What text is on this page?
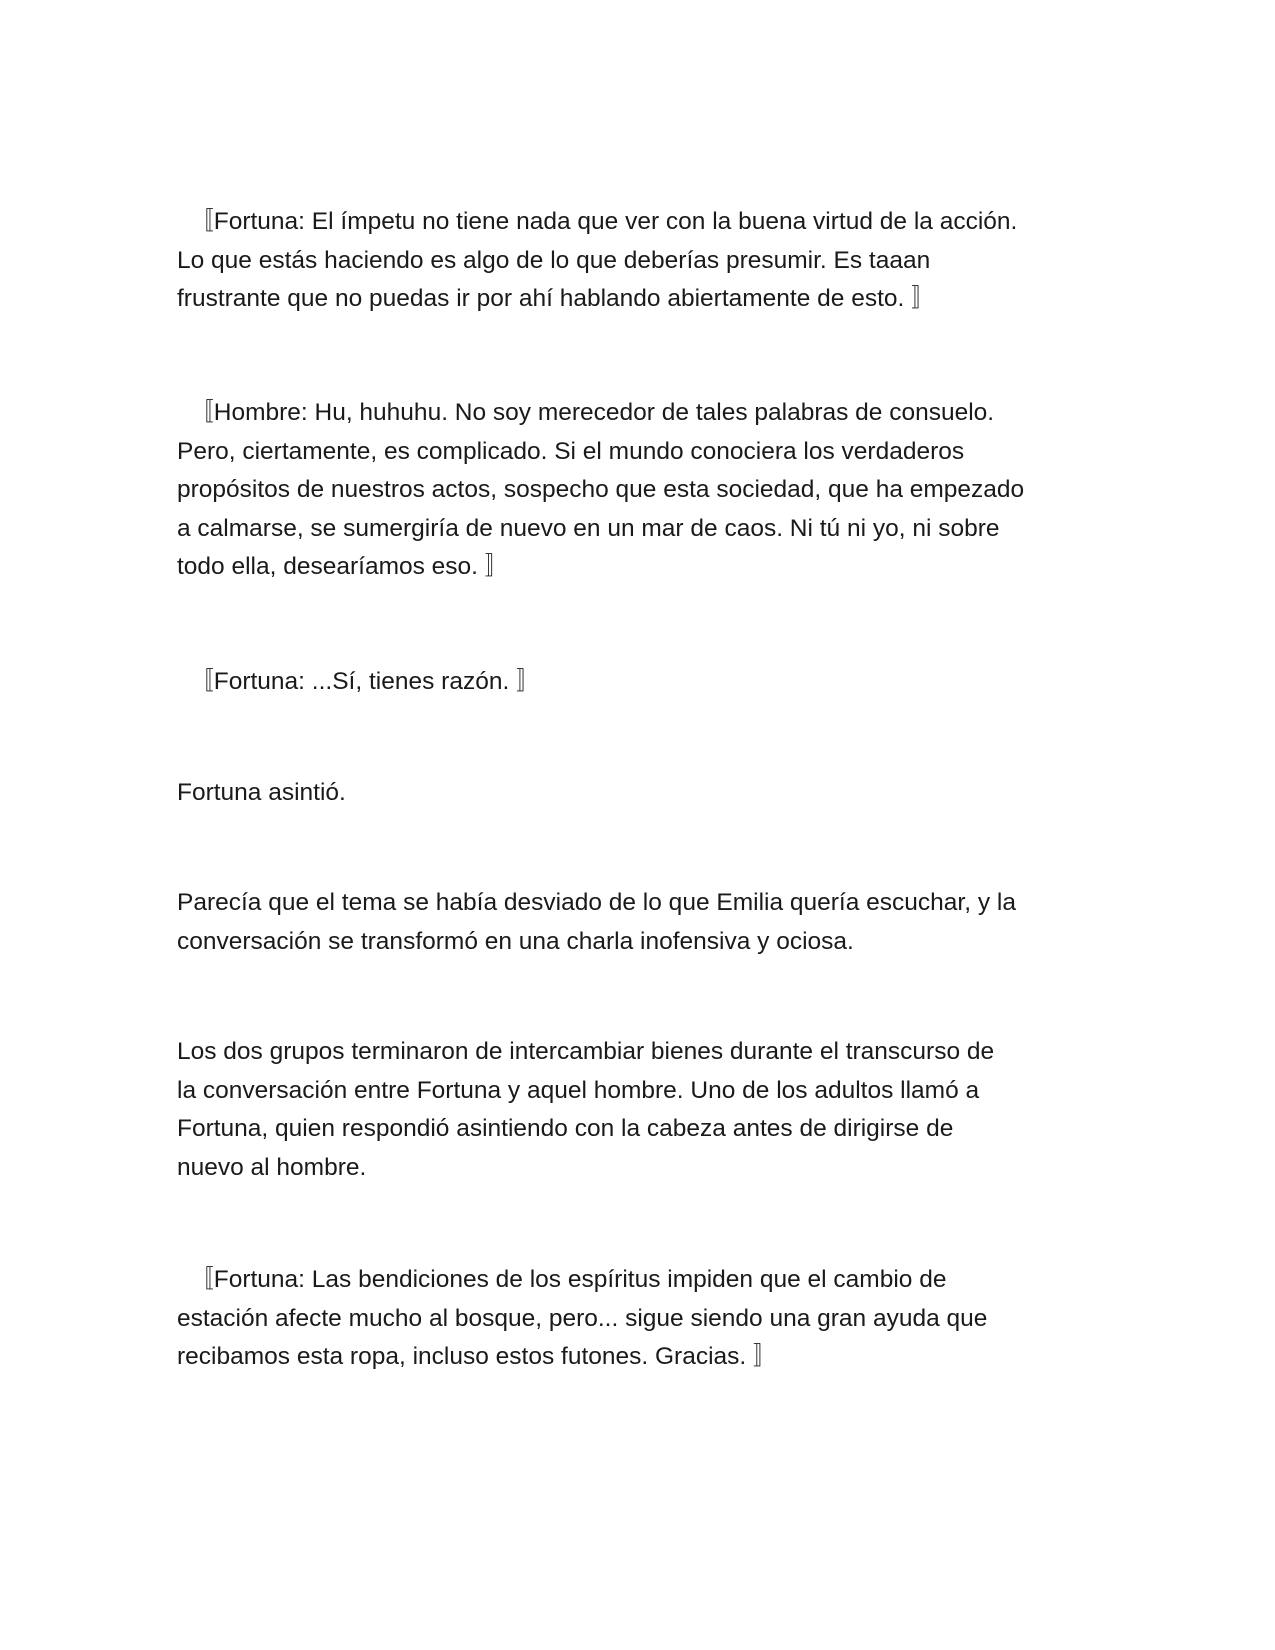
　〚Fortuna: El ímpetu no tiene nada que ver con la buena virtud de la acción.
Lo que estás haciendo es algo de lo que deberías presumir. Es taaan
frustrante que no puedas ir por ahí hablando abiertamente de esto. 〛

　〚Hombre: Hu, huhuhu. No soy merecedor de tales palabras de consuelo.
Pero, ciertamente, es complicado. Si el mundo conociera los verdaderos
propósitos de nuestros actos, sospecho que esta sociedad, que ha empezado
a calmarse, se sumergiría de nuevo en un mar de caos. Ni tú ni yo, ni sobre
todo ella, desearíamos eso. 〛

　〚Fortuna: ...Sí, tienes razón. 〛

Fortuna asintió.

Parecía que el tema se había desviado de lo que Emilia quería escuchar, y la
conversación se transformó en una charla inofensiva y ociosa.

Los dos grupos terminaron de intercambiar bienes durante el transcurso de
la conversación entre Fortuna y aquel hombre. Uno de los adultos llamó a
Fortuna, quien respondió asintiendo con la cabeza antes de dirigirse de
nuevo al hombre.

　〚Fortuna: Las bendiciones de los espíritus impiden que el cambio de
estación afecte mucho al bosque, pero... sigue siendo una gran ayuda que
recibamos esta ropa, incluso estos futones. Gracias. 〛
